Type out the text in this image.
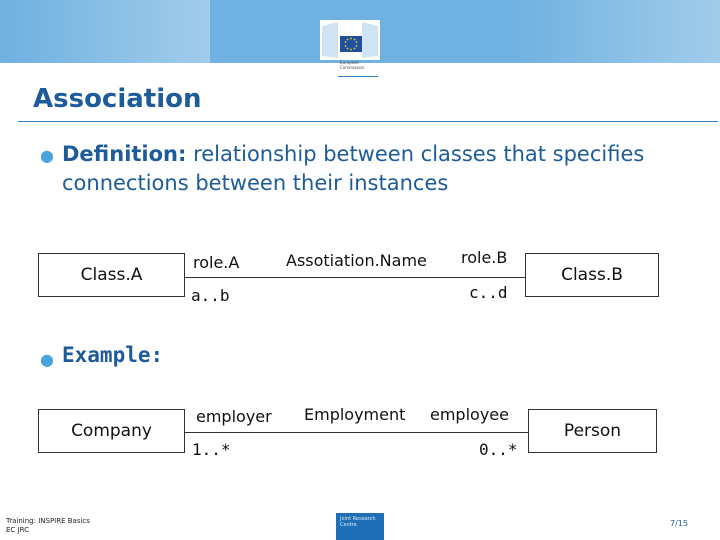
European Commission
Association
● Definition: relationship between classes that specifies connections between their instances
Class.A	Class.B
role.A	Assotiation.Name role.B
a..b	c..d
● Example:
Company	Person
employer Employment employee
1..*	0..*
Training: INSPIRE Basics
EC JRC
Joint Research Centre	7/15
